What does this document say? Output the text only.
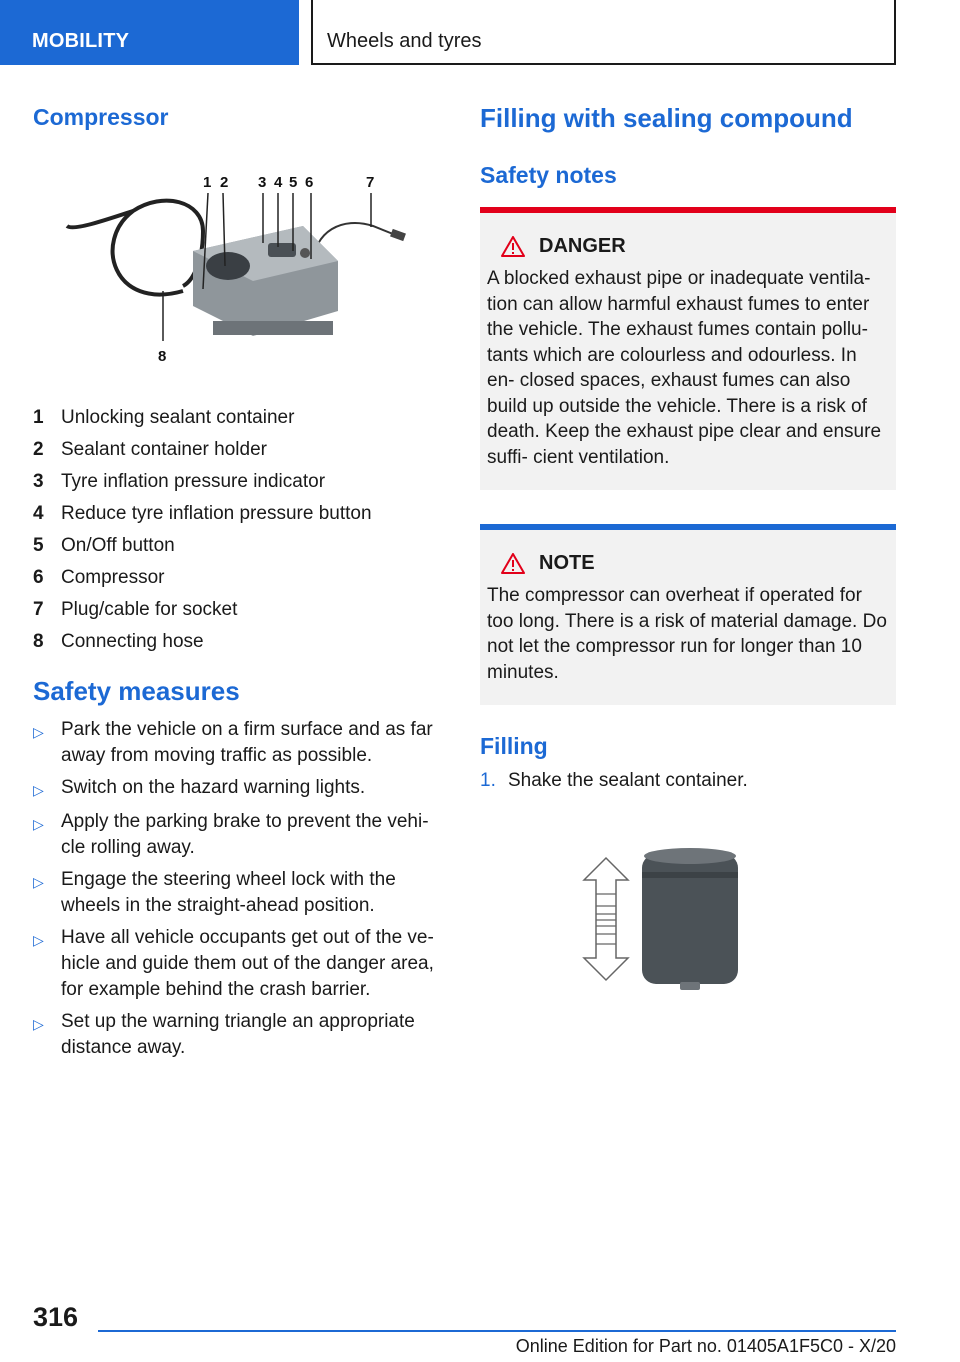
MOBILITY	Wheels and tyres
Compressor
1 2 3 4 5 6	7
8
1 Unlocking sealant container
2 Sealant container holder
3 Tyre inflation pressure indicator
4 Reduce tyre inflation pressure button
5 On/Off button
6 Compressor
7 Plug/cable for socket
8 Connecting hose
Safety measures
▷ Park the vehicle on a firm surface and as far away from moving traffic as possible.
▷ Switch on the hazard warning lights.
▷ Apply the parking brake to prevent the vehi‐ cle rolling away.
▷ Engage the steering wheel lock with the wheels in the straight-ahead position.
▷ Have all vehicle occupants get out of the ve‐ hicle and guide them out of the danger area, for example behind the crash barrier.
▷ Set up the warning triangle an appropriate distance away.
Filling with sealing compound
Safety notes
DANGER

A blocked exhaust pipe or inadequate ventila‐ tion can allow harmful exhaust fumes to enter the vehicle. The exhaust fumes contain pollu‐ tants which are colourless and odourless. In en‐ closed spaces, exhaust fumes can also build up outside the vehicle. There is a risk of death. Keep the exhaust pipe clear and ensure suffi‐ cient ventilation.

NOTE

The compressor can overheat if operated for too long. There is a risk of material damage. Do not let the compressor run for longer than 10 minutes.

Filling
1. Shake the sealant container.
316
Online Edition for Part no. 01405A1F5C0 - X/20
